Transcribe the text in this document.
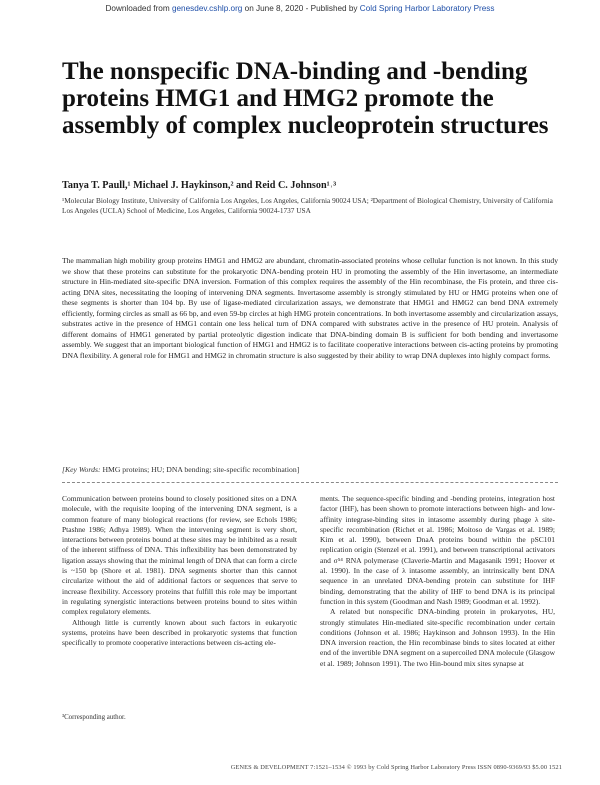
Downloaded from genesdev.cshlp.org on June 8, 2020 - Published by Cold Spring Harbor Laboratory Press
The nonspecific DNA-binding and -bending proteins HMG1 and HMG2 promote the assembly of complex nucleoprotein structures
Tanya T. Paull,¹ Michael J. Haykinson,² and Reid C. Johnson¹˒³
¹Molecular Biology Institute, University of California Los Angeles, Los Angeles, California 90024 USA; ²Department of Biological Chemistry, University of California Los Angeles (UCLA) School of Medicine, Los Angeles, California 90024-1737 USA
The mammalian high mobility group proteins HMG1 and HMG2 are abundant, chromatin-associated proteins whose cellular function is not known. In this study we show that these proteins can substitute for the prokaryotic DNA-bending protein HU in promoting the assembly of the Hin invertasome, an intermediate structure in Hin-mediated site-specific DNA inversion. Formation of this complex requires the assembly of the Hin recombinase, the Fis protein, and three cis-acting DNA sites, necessitating the looping of intervening DNA segments. Invertasome assembly is strongly stimulated by HU or HMG proteins when one of these segments is shorter than 104 bp. By use of ligase-mediated circularization assays, we demonstrate that HMG1 and HMG2 can bend DNA extremely efficiently, forming circles as small as 66 bp, and even 59-bp circles at high HMG protein concentrations. In both invertasome assembly and circularization assays, substrates active in the presence of HMG1 contain one less helical turn of DNA compared with substrates active in the presence of HU protein. Analysis of different domains of HMG1 generated by partial proteolytic digestion indicate that DNA-binding domain B is sufficient for both bending and invertasome assembly. We suggest that an important biological function of HMG1 and HMG2 is to facilitate cooperative interactions between cis-acting proteins by promoting DNA flexibility. A general role for HMG1 and HMG2 in chromatin structure is also suggested by their ability to wrap DNA duplexes into highly compact forms.
[Key Words: HMG proteins; HU; DNA bending; site-specific recombination]

Communication between proteins bound to closely positioned sites on a DNA molecule, with the requisite looping of the intervening DNA segment, is a common feature of many biological reactions (for review, see Echols 1986; Ptashne 1986; Adhya 1989). When the intervening segment is very short, interactions between proteins bound at these sites may be inhibited as a result of the inherent stiffness of DNA. This inflexibility has been demonstrated by ligation assays showing that the minimal length of DNA that can form a circle is ~150 bp (Shore et al. 1981). DNA segments shorter than this cannot circularize without the aid of additional factors or sequences that serve to increase flexibility. Accessory proteins that fulfill this role may be important in regulating synergistic interactions between proteins bound to sites within complex regulatory elements.

Although little is currently known about such factors in eukaryotic systems, proteins have been described in prokaryotic systems that function specifically to promote cooperative interactions between cis-acting ele-

ments. The sequence-specific binding and -bending proteins, integration host factor (IHF), has been shown to promote interactions between high- and low-affinity integrase-binding sites in intasome assembly during phage λ site-specific recombination (Richet et al. 1986; Moitoso de Vargas et al. 1989; Kim et al. 1990), between DnaA proteins bound within the pSC101 replication origin (Stenzel et al. 1991), and between transcriptional activators and σ⁵⁴ RNA polymerase (Claverie-Martin and Magasanik 1991; Hoover et al. 1990). In the case of λ intasome assembly, an intrinsically bent DNA sequence in an unrelated DNA-bending protein can substitute for IHF binding, demonstrating that the ability of IHF to bend DNA is its principal function in this system (Goodman and Nash 1989; Goodman et al. 1992).

A related but nonspecific DNA-binding protein in prokaryotes, HU, strongly stimulates Hin-mediated site-specific recombination under certain conditions (Johnson et al. 1986; Haykinson and Johnson 1993). In the Hin DNA inversion reaction, the Hin recombinase binds to sites located at either end of the invertible DNA segment on a supercoiled DNA molecule (Glasgow et al. 1989; Johnson 1991). The two Hin-bound mix sites synapse at

³Corresponding author.
GENES & DEVELOPMENT 7:1521–1534 © 1993 by Cold Spring Harbor Laboratory Press ISSN 0890-9369/93 $5.00 1521
